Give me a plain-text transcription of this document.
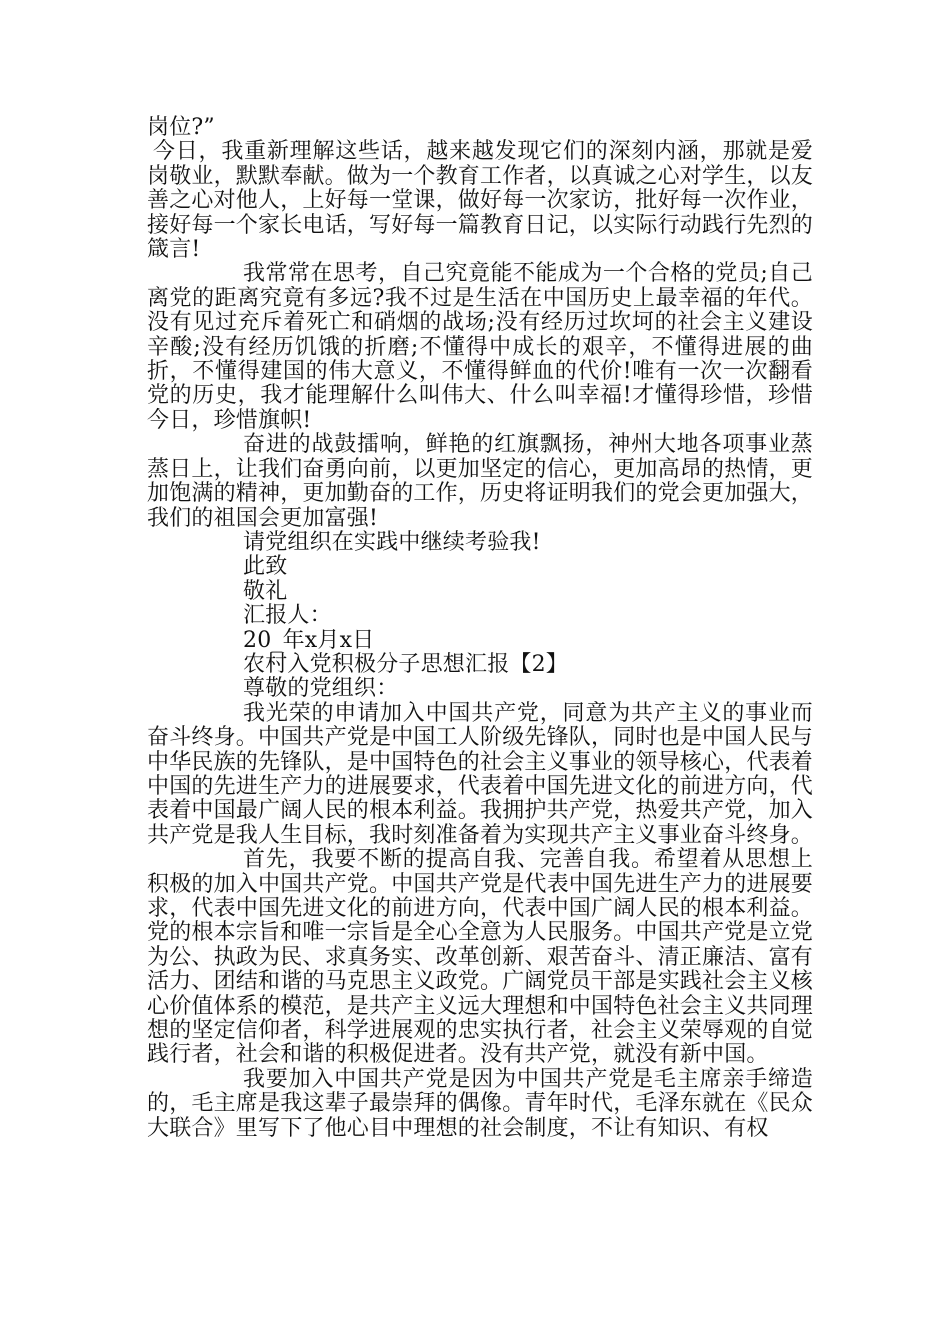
岗位?”

今日，我重新理解这些话，越来越发现它们的深刻内涵，那就是爱岗敬业，默默奉献。做为一个教育工作者，以真诚之心对学生，以友善之心对他人，上好每一堂课，做好每一次家访，批好每一次作业，接好每一个家长电话，写好每一篇教育日记，以实际行动践行先烈的箴言!

我常常在思考，自己究竟能不能成为一个合格的党员;自己离党的距离究竟有多远?我不过是生活在中国历史上最幸福的年代。没有见过充斥着死亡和硝烟的战场;没有经历过坎坷的社会主义建设辛酸;没有经历饥饿的折磨;不懂得中成长的艰辛，不懂得进展的曲折，不懂得建国的伟大意义，不懂得鲜血的代价!唯有一次一次翻看党的历史，我才能理解什么叫伟大、什么叫幸福!才懂得珍惜，珍惜今日，珍惜旗帜!

奋进的战鼓擂响，鲜艳的红旗飘扬，神州大地各项事业蒸蒸日上，让我们奋勇向前，以更加坚定的信心，更加高昂的热情，更加饱满的精神，更加勤奋的工作，历史将证明我们的党会更加强大，我们的祖国会更加富强!

请党组织在实践中继续考验我!

此致

敬礼

汇报人：

20_年x月x日

农村入党积极分子思想汇报【2】

尊敬的党组织：

我光荣的申请加入中国共产党，同意为共产主义的事业而奋斗终身。中国共产党是中国工人阶级先锋队，同时也是中国人民与中华民族的先锋队，是中国特色的社会主义事业的领导核心，代表着中国的先进生产力的进展要求，代表着中国先进文化的前进方向，代表着中国最广阔人民的根本利益。我拥护共产党，热爱共产党，加入共产党是我人生目标，我时刻准备着为实现共产主义事业奋斗终身。

首先，我要不断的提高自我、完善自我。希望着从思想上积极的加入中国共产党。中国共产党是代表中国先进生产力的进展要求，代表中国先进文化的前进方向，代表中国广阔人民的根本利益。党的根本宗旨和唯一宗旨是全心全意为人民服务。中国共产党是立党为公、执政为民、求真务实、改革创新、艰苦奋斗、清正廉洁、富有活力、团结和谐的马克思主义政党。广阔党员干部是实践社会主义核心价值体系的模范，是共产主义远大理想和中国特色社会主义共同理想的坚定信仰者，科学进展观的忠实执行者，社会主义荣辱观的自觉践行者，社会和谐的积极促进者。没有共产党，就没有新中国。

我要加入中国共产党是因为中国共产党是毛主席亲手缔造的，毛主席是我这辈子最崇拜的偶像。青年时代，毛泽东就在《民众大联合》里写下了他心目中理想的社会制度，不让有知识、有权
